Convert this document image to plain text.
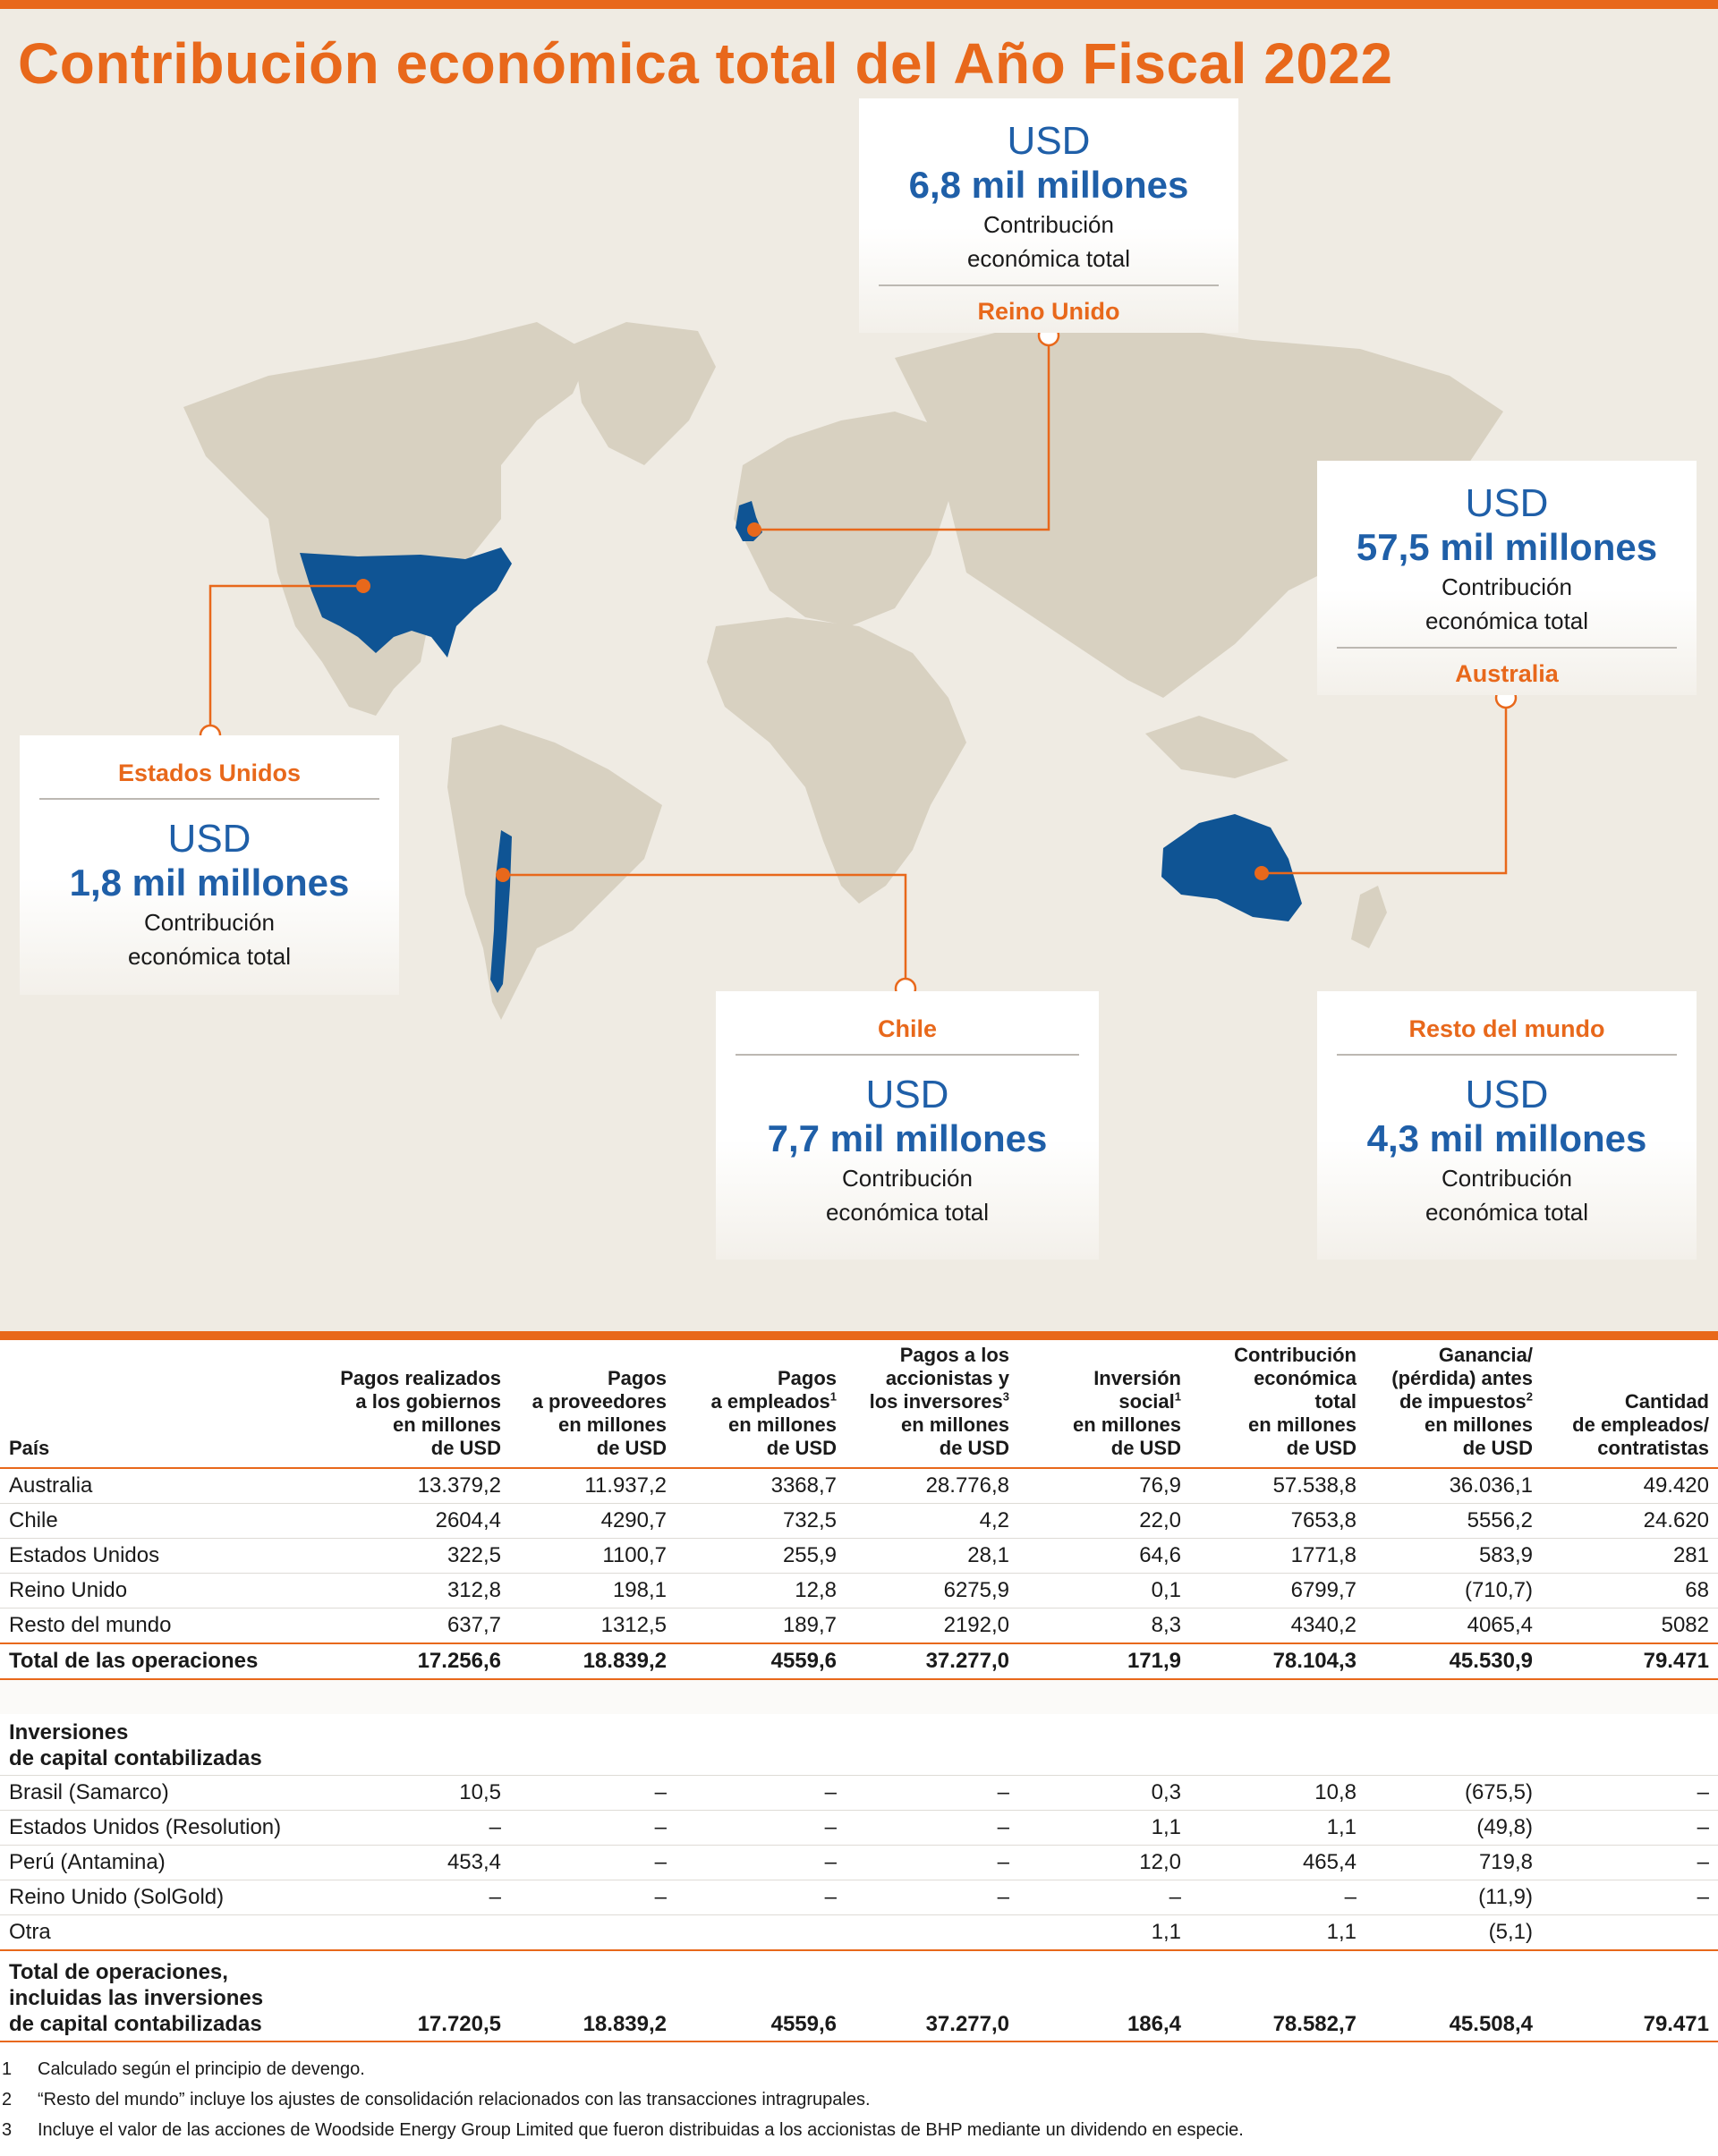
Contribución económica total del Año Fiscal 2022
USD
6,8 mil millones
Contribución
económica total
Reino Unido
USD
57,5 mil millones
Contribución
económica total
Australia
Estados Unidos
USD
1,8 mil millones
Contribución
económica total
Chile
USD
7,7 mil millones
Contribución
económica total
Resto del mundo
USD
4,3 mil millones
Contribución
económica total
País	Pagos realizados
a los gobiernos
en millones
de USD	Pagos
a proveedores
en millones
de USD	Pagos
a empleados$^1$
en millones
de USD	Pagos a los
accionistas y
los inversores$^3$
en millones
de USD	Inversión
social$^1$
en millones
de USD	Contribución
económica
total
en millones
de USD	Ganancia/
(pérdida) antes
de impuestos$^2$
en millones
de USD	Cantidad
de empleados/
contratistas
Australia	13.379,2	11.937,2	3368,7	28.776,8	76,9	57.538,8	36.036,1	49.420
Chile	2604,4	4290,7	732,5	4,2	22,0	7653,8	5556,2	24.620
Estados Unidos	322,5	1100,7	255,9	28,1	64,6	1771,8	583,9	281
Reino Unido	312,8	198,1	12,8	6275,9	0,1	6799,7	(710,7)	68
Resto del mundo	637,7	1312,5	189,7	2192,0	8,3	4340,2	4065,4	5082
Total de las operaciones	17.256,6	18.839,2	4559,6	37.277,0	171,9	78.104,3	45.530,9	79.471

Inversiones
de capital contabilizadas								
Brasil (Samarco)	10,5	–	–	–	0,3	10,8	(675,5)	–
Estados Unidos (Resolution)	–	–	–	–	1,1	1,1	(49,8)	–
Perú (Antamina)	453,4	–	–	–	12,0	465,4	719,8	–
Reino Unido (SolGold)	–	–	–	–	–	–	(11,9)	–
Otra					1,1	1,1	(5,1)	
Total de operaciones,
incluidas las inversiones
de capital contabilizadas	17.720,5	18.839,2	4559,6	37.277,0	186,4	78.582,7	45.508,4	79.471
1	Calculado según el principio de devengo.
2	“Resto del mundo” incluye los ajustes de consolidación relacionados con las transacciones intragrupales.
3	Incluye el valor de las acciones de Woodside Energy Group Limited que fueron distribuidas a los accionistas de BHP mediante un dividendo en especie.
